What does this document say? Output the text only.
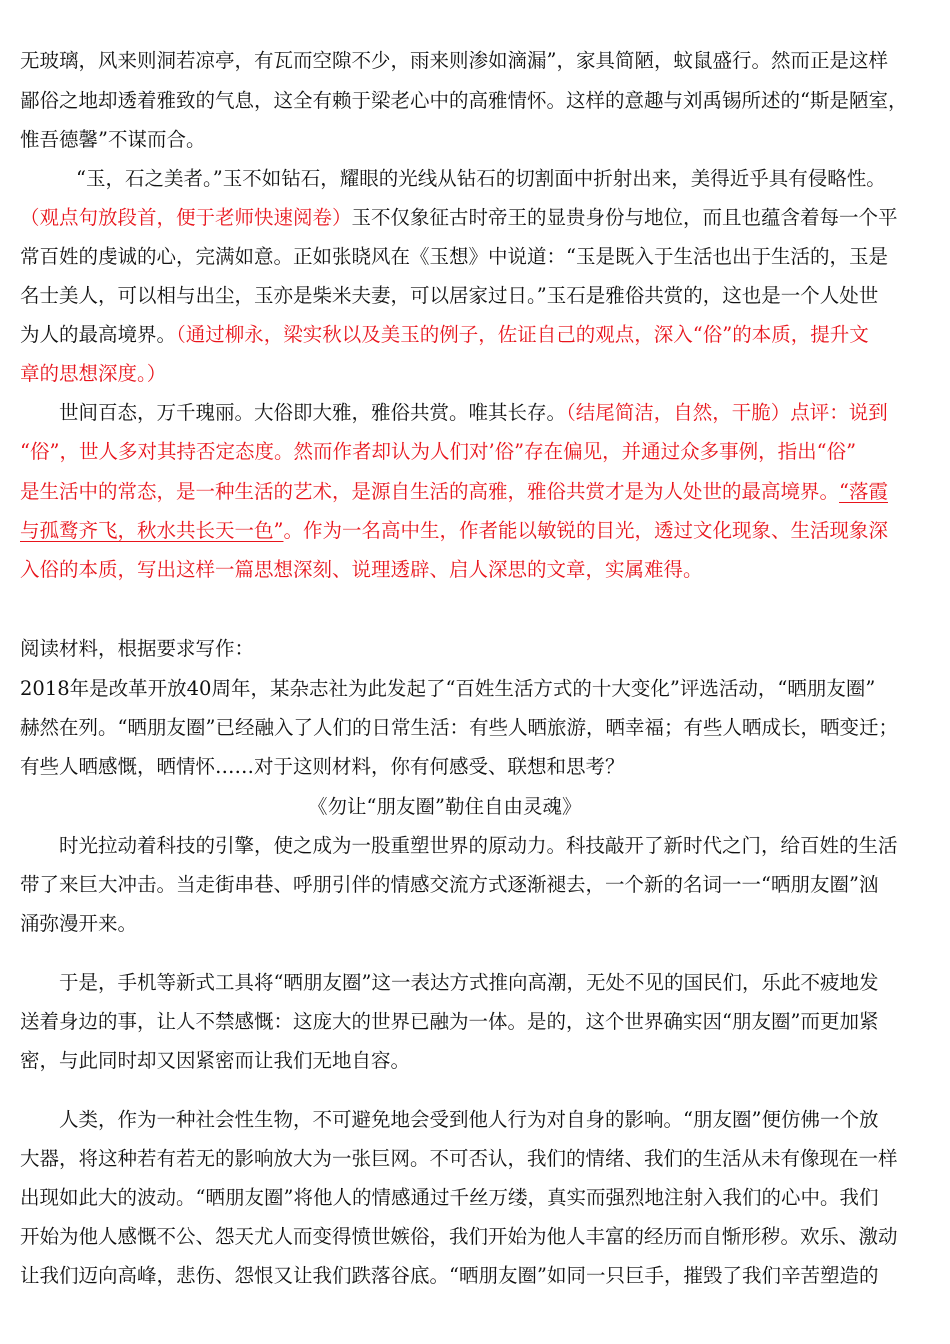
无玻璃，风来则洞若凉亭，有瓦而空隙不少，雨来则渗如滴漏”，家具简陋，蚊鼠盛行。然而正是这样
鄙俗之地却透着雅致的气息，这全有赖于梁老心中的高雅情怀。这样的意趣与刘禹锡所述的“斯是陋室，
惟吾德馨”不谋而合。
“玉，石之美者。”玉不如钻石，耀眼的光线从钻石的切割面中折射出来，美得近乎具有侵略性。
（观点句放段首，便于老师快速阅卷）玉不仅象征古时帝王的显贵身份与地位，而且也蕴含着每一个平
常百姓的虔诚的心，完满如意。正如张晓风在《玉想》中说道：“玉是既入于生活也出于生活的，玉是
名士美人，可以相与出尘，玉亦是柴米夫妻，可以居家过日。”玉石是雅俗共赏的，这也是一个人处世
为人的最高境界。（通过柳永，梁实秋以及美玉的例子，佐证自己的观点，深入“俗”的本质，提升文
章的思想深度。）
世间百态，万千瑰丽。大俗即大雅，雅俗共赏。唯其长存。（结尾简洁，自然，干脆）点评：说到
“俗”，世人多对其持否定态度。然而作者却认为人们对’俗”存在偏见，并通过众多事例，指出“俗”
是生活中的常态，是一种生活的艺术，是源自生活的高雅，雅俗共赏才是为人处世的最高境界。“落霞
与孤鹜齐飞，秋水共长天一色”。作为一名高中生，作者能以敏锐的目光，透过文化现象、生活现象深
入俗的本质，写出这样一篇思想深刻、说理透辟、启人深思的文章，实属难得。
阅读材料，根据要求写作：
2018年是改革开放40周年，某杂志社为此发起了“百姓生活方式的十大变化”评选活动，“晒朋友圈”
赫然在列。“晒朋友圈”已经融入了人们的日常生活：有些人晒旅游，晒幸福；有些人晒成长，晒变迁；
有些人晒感慨，晒情怀……对于这则材料，你有何感受、联想和思考？
《勿让“朋友圈”勒住自由灵魂》
时光拉动着科技的引擎，使之成为一股重塑世界的原动力。科技敲开了新时代之门，给百姓的生活
带了来巨大冲击。当走街串巷、呼朋引伴的情感交流方式逐渐褪去，一个新的名词一一“晒朋友圈”汹
涌弥漫开来。
于是，手机等新式工具将“晒朋友圈”这一表达方式推向高潮，无处不见的国民们，乐此不疲地发
送着身边的事，让人不禁感慨：这庞大的世界已融为一体。是的，这个世界确实因“朋友圈”而更加紧
密，与此同时却又因紧密而让我们无地自容。
人类，作为一种社会性生物，不可避免地会受到他人行为对自身的影响。“朋友圈”便仿佛一个放
大器，将这种若有若无的影响放大为一张巨网。不可否认，我们的情绪、我们的生活从未有像现在一样
出现如此大的波动。“晒朋友圈”将他人的情感通过千丝万缕，真实而强烈地注射入我们的心中。我们
开始为他人感慨不公、怨天尤人而变得愤世嫉俗，我们开始为他人丰富的经历而自惭形秽。欢乐、激动
让我们迈向高峰，悲伤、怨恨又让我们跌落谷底。“晒朋友圈”如同一只巨手，摧毁了我们辛苦塑造的
